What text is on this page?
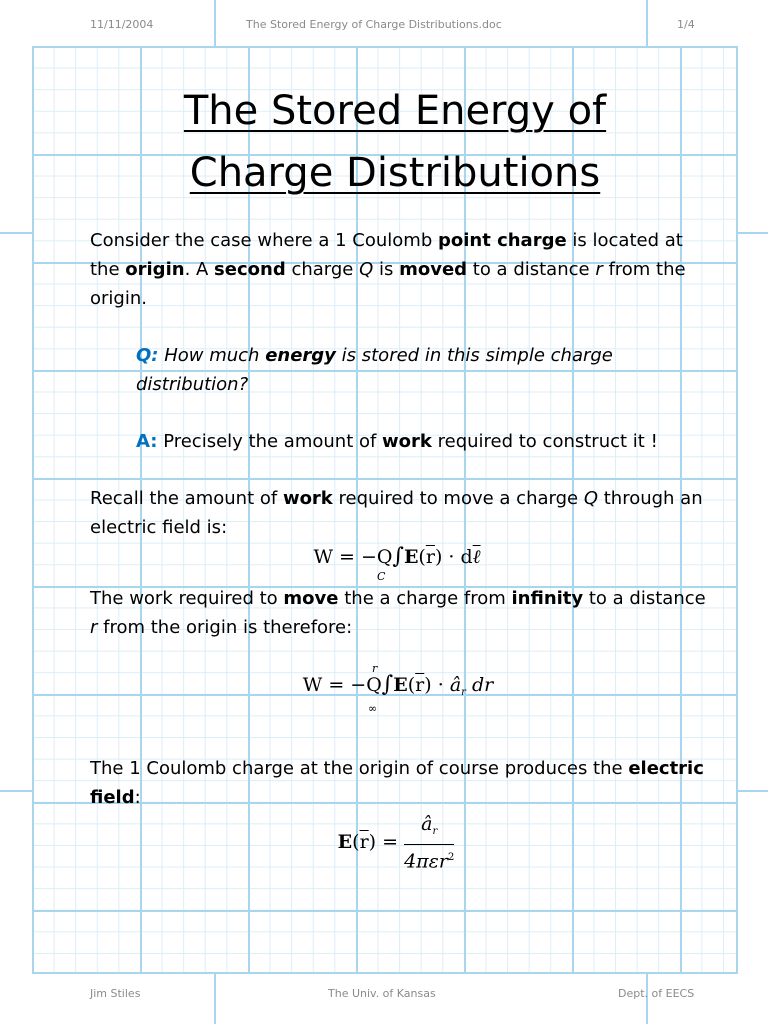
11/11/2004	The Stored Energy of Charge Distributions.doc	1/4
The Stored Energy of
Charge Distributions

Consider the case where a 1 Coulomb point charge is located at the origin. A second charge Q is moved to a distance r from the origin.

Q: How much energy is stored in this simple charge distribution?

A: Precisely the amount of work required to construct it !

Recall the amount of work required to move a charge Q through an electric field is:

$W = -Q\int E(\overline{r})$ · dℓ
C

The work required to move the a charge from infinity to a distance r from the origin is therefore:

$W = -Q\int E(\overline{r})$ · $â_r$ dr
r
∞

The 1 Coulomb charge at the origin of course produces the electric field:

$E(\overline{r}) = \frac{â_r}{4\pi\varepsilon r^2}$
Jim Stiles	The Univ. of Kansas	Dept. of EECS
